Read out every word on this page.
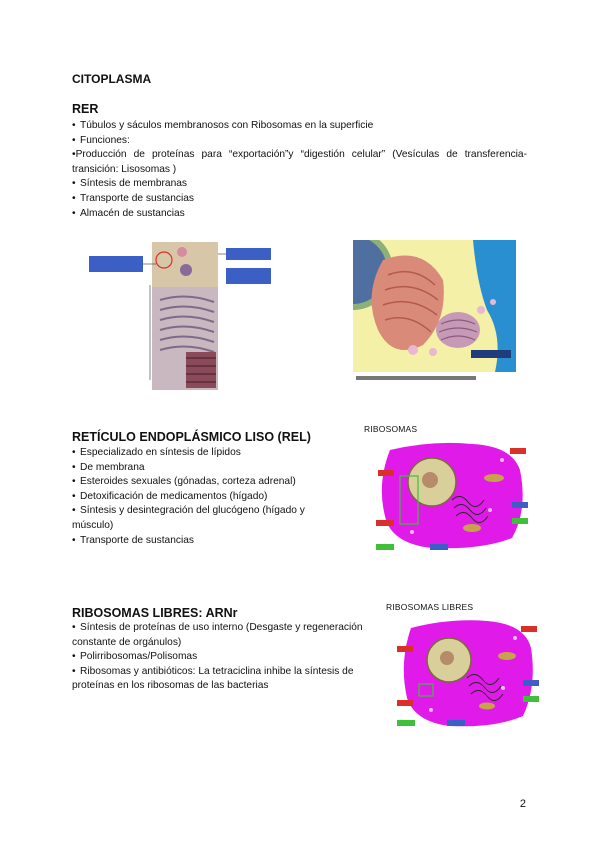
CITOPLASMA
RER
• Túbulos y sáculos membranosos con Ribosomas en la superficie
• Funciones:
•Producción de proteínas para “exportación”y “digestión celular” (Vesículas de transferencia-transición: Lisosomas )
• Síntesis de membranas
• Transporte de sustancias
• Almacén de sustancias
RETÍCULO ENDOPLÁSMICO LISO (REL)
• Especializado en síntesis de lípidos
• De membrana
• Esteroides sexuales (gónadas, corteza adrenal)
• Detoxificación de medicamentos (hígado)
• Síntesis y desintegración del glucógeno (hígado y músculo)
• Transporte de sustancias
RIBOSOMAS
RIBOSOMAS LIBRES: ARNr
• Síntesis de proteínas de uso interno (Desgaste y regeneración constante de orgánulos)
• Polirribosomas/Polisomas
• Ribosomas y antibióticos: La tetraciclina inhibe la síntesis de proteínas en los ribosomas de las bacterias
RIBOSOMAS LIBRES
2
